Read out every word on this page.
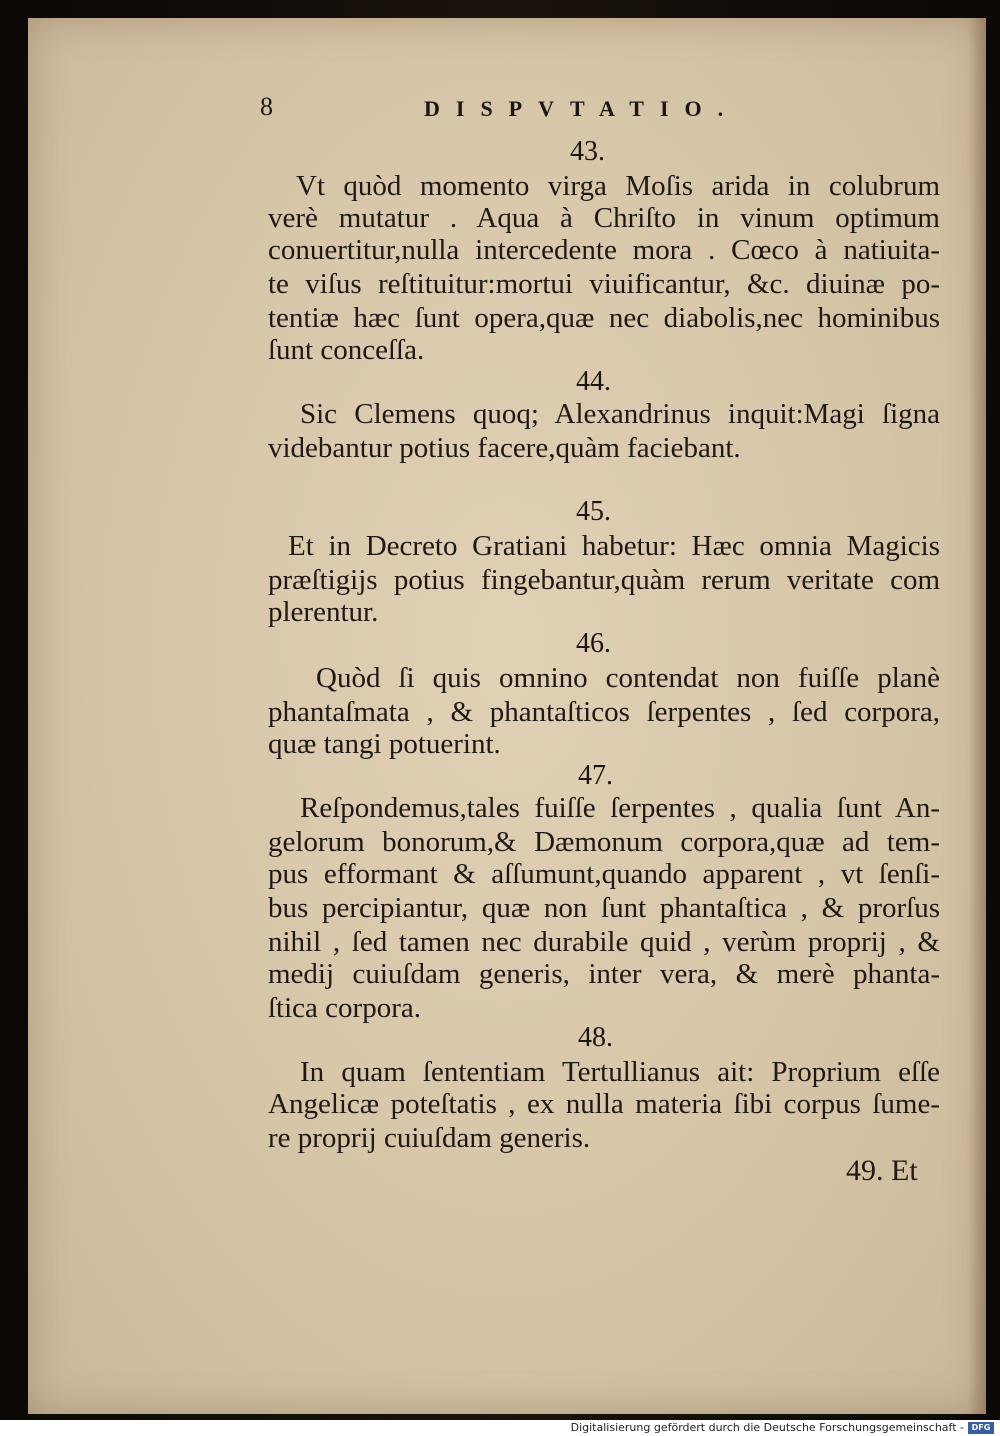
8	DISPVTATIO.
43.
Vt quòd momento virga Moſis arida in colubrum
verè mutatur . Aqua à Chriſto in vinum optimum
conuertitur,nulla intercedente mora . Cœco à natiuita-
te viſus reſtituitur:mortui viuificantur, &c. diuinæ po-
tentiæ hæc ſunt opera,quæ nec diabolis,nec hominibus
ſunt conceſſa.
44.
Sic Clemens quoq; Alexandrinus inquit:Magi ſigna
videbantur potius facere,quàm faciebant.
45.
Et in Decreto Gratiani habetur: Hæc omnia Magicis
præſtigijs potius fingebantur,quàm rerum veritate com
plerentur.
46.
Quòd ſi quis omnino contendat non fuiſſe planè
phantaſmata , & phantaſticos ſerpentes , ſed corpora,
quæ tangi potuerint.
47.
Reſpondemus,tales fuiſſe ſerpentes , qualia ſunt An-
gelorum bonorum,& Dæmonum corpora,quæ ad tem-
pus efformant & aſſumunt,quando apparent , vt ſenſi-
bus percipiantur, quæ non ſunt phantaſtica , & prorſus
nihil , ſed tamen nec durabile quid , verùm proprij , &
medij cuiuſdam generis, inter vera, & merè phanta-
ſtica corpora.
48.
In quam ſententiam Tertullianus ait: Proprium eſſe
Angelicæ poteſtatis , ex nulla materia ſibi corpus ſume-
re proprij cuiuſdam generis.
49. Et
Digitalisierung gefördert durch die Deutsche Forschungsgemeinschaft - DFG
